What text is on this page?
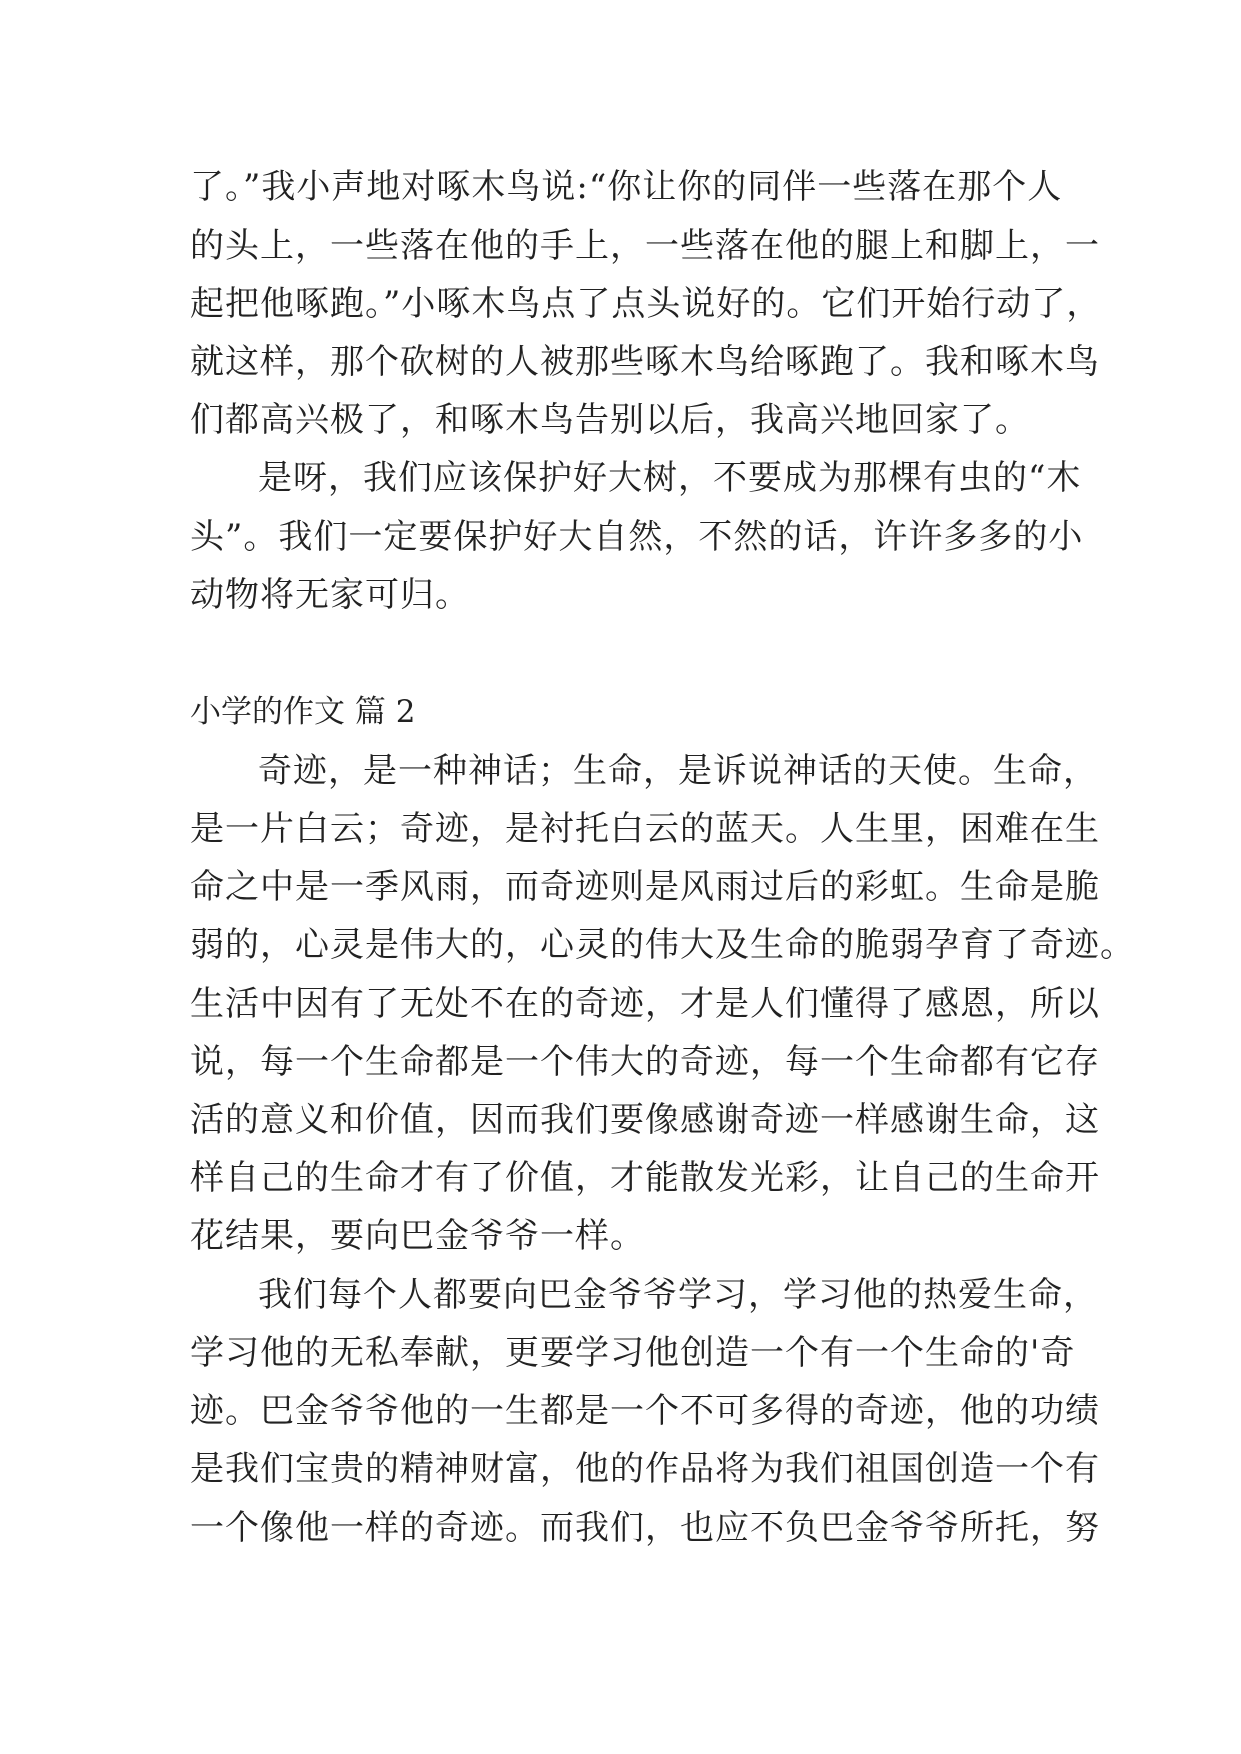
了。”我小声地对啄木鸟说:“你让你的同伴一些落在那个人
的头上，一些落在他的手上，一些落在他的腿上和脚上，一
起把他啄跑。”小啄木鸟点了点头说好的。它们开始行动了，
就这样，那个砍树的人被那些啄木鸟给啄跑了。我和啄木鸟
们都高兴极了，和啄木鸟告别以后，我高兴地回家了。
是呀，我们应该保护好大树，不要成为那棵有虫的“木
头”。我们一定要保护好大自然，不然的话，许许多多的小
动物将无家可归。
小学的作文 篇 2
奇迹，是一种神话；生命，是诉说神话的天使。生命，
是一片白云；奇迹，是衬托白云的蓝天。人生里，困难在生
命之中是一季风雨，而奇迹则是风雨过后的彩虹。生命是脆
弱的，心灵是伟大的，心灵的伟大及生命的脆弱孕育了奇迹。
生活中因有了无处不在的奇迹，才是人们懂得了感恩，所以
说，每一个生命都是一个伟大的奇迹，每一个生命都有它存
活的意义和价值，因而我们要像感谢奇迹一样感谢生命，这
样自己的生命才有了价值，才能散发光彩，让自己的生命开
花结果，要向巴金爷爷一样。
我们每个人都要向巴金爷爷学习，学习他的热爱生命，
学习他的无私奉献，更要学习他创造一个有一个生命的'奇
迹。巴金爷爷他的一生都是一个不可多得的奇迹，他的功绩
是我们宝贵的精神财富，他的作品将为我们祖国创造一个有
一个像他一样的奇迹。而我们，也应不负巴金爷爷所托，努
